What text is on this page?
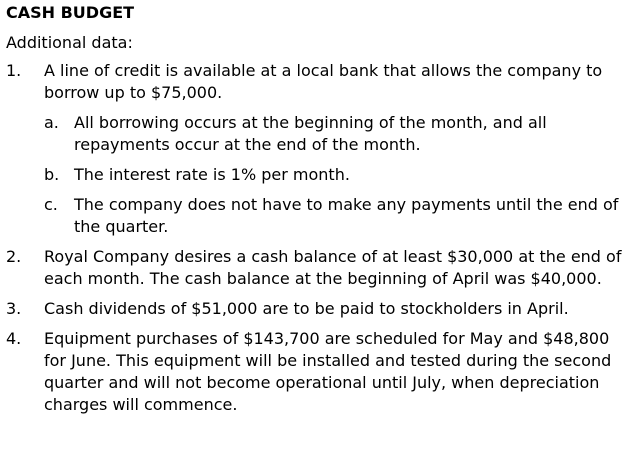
CASH BUDGET
Additional data:
1.	A line of credit is available at a local bank that allows the company to borrow up to $75,000.
a. All borrowing occurs at the beginning of the month, and all repayments occur at the end of the month.
b. The interest rate is 1% per month.
c.	The company does not have to make any payments until the end of the quarter.
2.	Royal Company desires a cash balance of at least $30,000 at the end of each month. The cash balance at the beginning of April was $40,000.
3.	Cash dividends of $51,000 are to be paid to stockholders in April.
4.	Equipment purchases of $143,700 are scheduled for May and $48,800 for June. This equipment will be installed and tested during the second quarter and will not become operational until July, when depreciation charges will commence.
